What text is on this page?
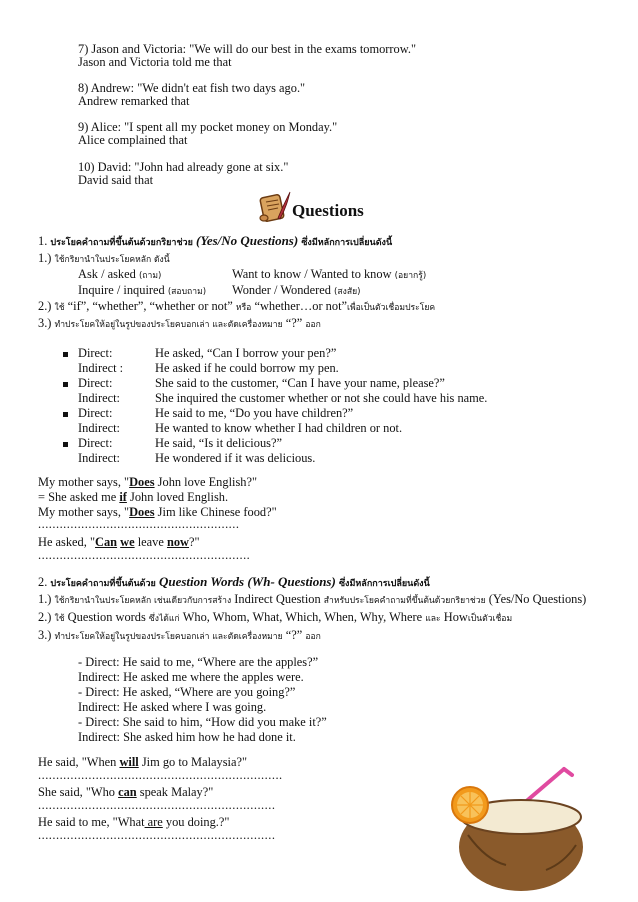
7) Jason and Victoria: "We will do our best in the exams tomorrow."
Jason and Victoria told me that
8) Andrew: "We didn't eat fish two days ago."
Andrew remarked that
9) Alice: "I spent all my pocket money on Monday."
Alice complained that
10) David: "John had already gone at six."
David said that
Questions
1. ประโยคคำถามที่ขึ้นต้นด้วยกริยาช่วย (Yes/No Questions) ซึ่งมีหลักการเปลี่ยนดังนี้
1.) ใช้กริยานำในประโยคหลัก ดังนี้
Ask / asked (ถาม)	Want to know / Wanted to know (อยากรู้)
Inquire / inquired (สอบถาม) Wonder / Wondered (สงสัย)
2.) ใช้ “if”, “whether”, “whether or not” หรือ “whether…or not”เพื่อเป็นตัวเชื่อมประโยค
3.) ทำประโยคให้อยู่ในรูปของประโยคบอกเล่า และตัดเครื่องหมาย “?” ออก
Direct:	He asked, “Can I borrow your pen?”
Indirect :	He asked if he could borrow my pen.
Direct:	She said to the customer, “Can I have your name, please?”
Indirect:	She inquired the customer whether or not she could have his name.
Direct:	He said to me, “Do you have children?”
Indirect:	He wanted to know whether I had children or not.
Direct:	He said, “Is it delicious?”
Indirect:	He wondered if it was delicious.
My mother says, "Does John love English?"
= She asked me if John loved English.
My mother says, "Does Jim like Chinese food?"
........................................................
He asked, "Can we leave now?"
...........................................................
2. ประโยคคำถามที่ขึ้นต้นด้วย Question Words (Wh- Questions) ซึ่งมีหลักการเปลี่ยนดังนี้
1.) ใช้กริยานำในประโยคหลัก เช่นเดียวกับการสร้าง Indirect Question สำหรับประโยคคำถามที่ขึ้นต้นด้วยกริยาช่วย (Yes/No Questions)
2.) ใช้ Question words ซึ่งได้แก่ Who, Whom, What, Which, When, Why, Where และ Howเป็นตัวเชื่อม
3.) ทำประโยคให้อยู่ในรูปของประโยคบอกเล่า และตัดเครื่องหมาย “?” ออก
- Direct: He said to me, “Where are the apples?”
Indirect: He asked me where the apples were.
- Direct: He asked, “Where are you going?”
Indirect: He asked where I was going.
- Direct: She said to him, “How did you make it?”
Indirect: She asked him how he had done it.
He said, "When will Jim go to Malaysia?"
....................................................................
She said, "Who can speak Malay?"
..................................................................
He said to me, "What are you doing.?"
..................................................................
